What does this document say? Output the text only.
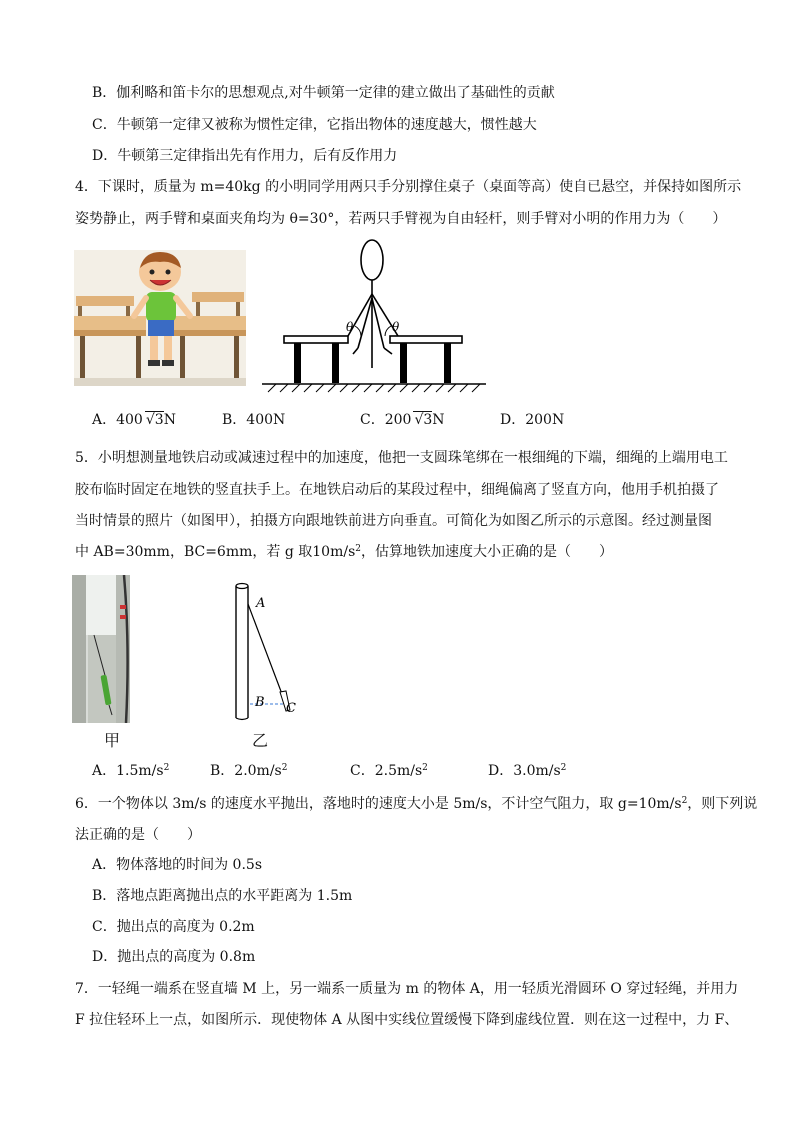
B．伽利略和笛卡尔的思想观点,对牛顿第一定律的建立做出了基础性的贡献
C．牛顿第一定律又被称为惯性定律，它指出物体的速度越大，惯性越大
D．牛顿第三定律指出先有作用力，后有反作用力
4．下课时，质量为 m=40kg 的小明同学用两只手分别撑住桌子（桌面等高）使自已悬空，并保持如图所示
姿势静止，两手臂和桌面夹角均为 θ=30°，若两只手臂视为自由轻杆，则手臂对小明的作用力为（　　）
θ	θ
A．400 √3N	B．400N	C．200 √3N	D．200N
5．小明想测量地铁启动或减速过程中的加速度，他把一支圆珠笔绑在一根细绳的下端，细绳的上端用电工
胶布临时固定在地铁的竖直扶手上。在地铁启动后的某段过程中，细绳偏离了竖直方向，他用手机拍摄了
当时情景的照片（如图甲），拍摄方向跟地铁前进方向垂直。可简化为如图乙所示的示意图。经过测量图
中 AB=30mm，BC=6mm，若 g 取$10m/s^2$，估算地铁加速度大小正确的是（　　）
甲
A
B C
乙
A．$1.5m/s^2$	B．$2.0m/s^2$	C．$2.5m/s^2$	D．$3.0m/s^2$
6．一个物体以 3m/s 的速度水平抛出，落地时的速度大小是 5m/s，不计空气阻力，取 $g=10m/s^2$，则下列说
法正确的是（　　）
A．物体落地的时间为 0.5s
B．落地点距离抛出点的水平距离为 1.5m
C．抛出点的高度为 0.2m
D．抛出点的高度为 0.8m
7．一轻绳一端系在竖直墙 M 上，另一端系一质量为 m 的物体 A，用一轻质光滑圆环 O 穿过轻绳，并用力
F 拉住轻环上一点，如图所示．现使物体 A 从图中实线位置缓慢下降到虚线位置．则在这一过程中，力 F、
